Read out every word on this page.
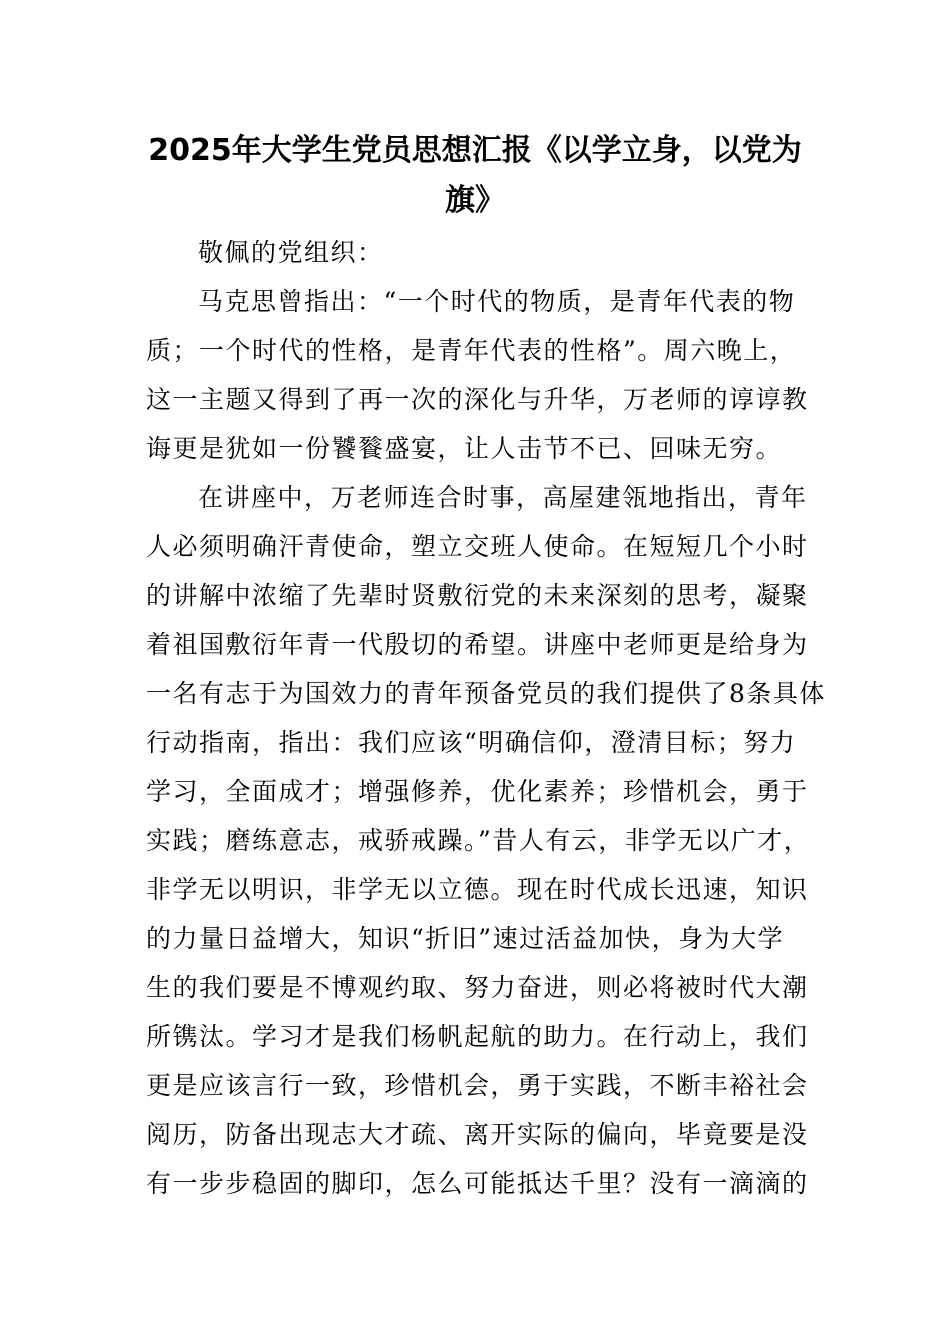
2025年大学生党员思想汇报《以学立身，以党为
旗》
敬佩的党组织：
马克思曾指出：“一个时代的物质，是青年代表的物
质；一个时代的性格，是青年代表的性格”。周六晚上，
这一主题又得到了再一次的深化与升华，万老师的谆谆教
诲更是犹如一份饕餮盛宴，让人击节不已、回味无穷。
在讲座中，万老师连合时事，高屋建瓴地指出，青年
人必须明确汗青使命，塑立交班人使命。在短短几个小时
的讲解中浓缩了先辈时贤敷衍党的未来深刻的思考，凝聚
着祖国敷衍年青一代殷切的希望。讲座中老师更是给身为
一名有志于为国效力的青年预备党员的我们提供了8条具体
行动指南，指出：我们应该“明确信仰，澄清目标；努力
学习，全面成才；增强修养，优化素养；珍惜机会，勇于
实践；磨练意志，戒骄戒躁。”昔人有云，非学无以广才，
非学无以明识，非学无以立德。现在时代成长迅速，知识
的力量日益增大，知识“折旧”速过活益加快，身为大学
生的我们要是不博观约取、努力奋进，则必将被时代大潮
所镌汰。学习才是我们杨帆起航的助力。在行动上，我们
更是应该言行一致，珍惜机会，勇于实践，不断丰裕社会
阅历，防备出现志大才疏、离开实际的偏向，毕竟要是没
有一步步稳固的脚印，怎么可能抵达千里？没有一滴滴的
